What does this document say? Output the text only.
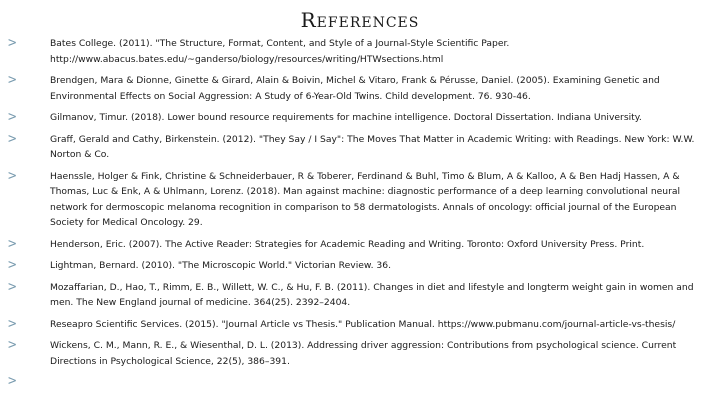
References
>	Bates College. (2011). "The Structure, Format, Content, and Style of a Journal-Style Scientific Paper. http://www.abacus.bates.edu/~ganderso/biology/resources/writing/HTWsections.html
>	Brendgen, Mara & Dionne, Ginette & Girard, Alain & Boivin, Michel & Vitaro, Frank & Pérusse, Daniel. (2005). Examining Genetic and Environmental Effects on Social Aggression: A Study of 6-Year-Old Twins. Child development. 76. 930-46.
>	Gilmanov, Timur. (2018). Lower bound resource requirements for machine intelligence. Doctoral Dissertation. Indiana University.
>	Graff, Gerald and Cathy, Birkenstein. (2012). "They Say / I Say": The Moves That Matter in Academic Writing: with Readings. New York: W.W. Norton & Co.
>	Haenssle, Holger & Fink, Christine & Schneiderbauer, R & Toberer, Ferdinand & Buhl, Timo & Blum, A & Kalloo, A & Ben Hadj Hassen, A & Thomas, Luc & Enk, A & Uhlmann, Lorenz. (2018). Man against machine: diagnostic performance of a deep learning convolutional neural network for dermoscopic melanoma recognition in comparison to 58 dermatologists. Annals of oncology: official journal of the European Society for Medical Oncology. 29.
>	Henderson, Eric. (2007). The Active Reader: Strategies for Academic Reading and Writing. Toronto: Oxford University Press. Print.
>	Lightman, Bernard. (2010). "The Microscopic World." Victorian Review. 36.
>	Mozaffarian, D., Hao, T., Rimm, E. B., Willett, W. C., & Hu, F. B. (2011). Changes in diet and lifestyle and longterm weight gain in women and men. The New England journal of medicine. 364(25). 2392–2404.
>	Reseapro Scientific Services. (2015). "Journal Article vs Thesis." Publication Manual. https://www.pubmanu.com/journal-article-vs-thesis/
>	Wickens, C. M., Mann, R. E., & Wiesenthal, D. L. (2013). Addressing driver aggression: Contributions from psychological science. Current Directions in Psychological Science, 22(5), 386–391.
>
